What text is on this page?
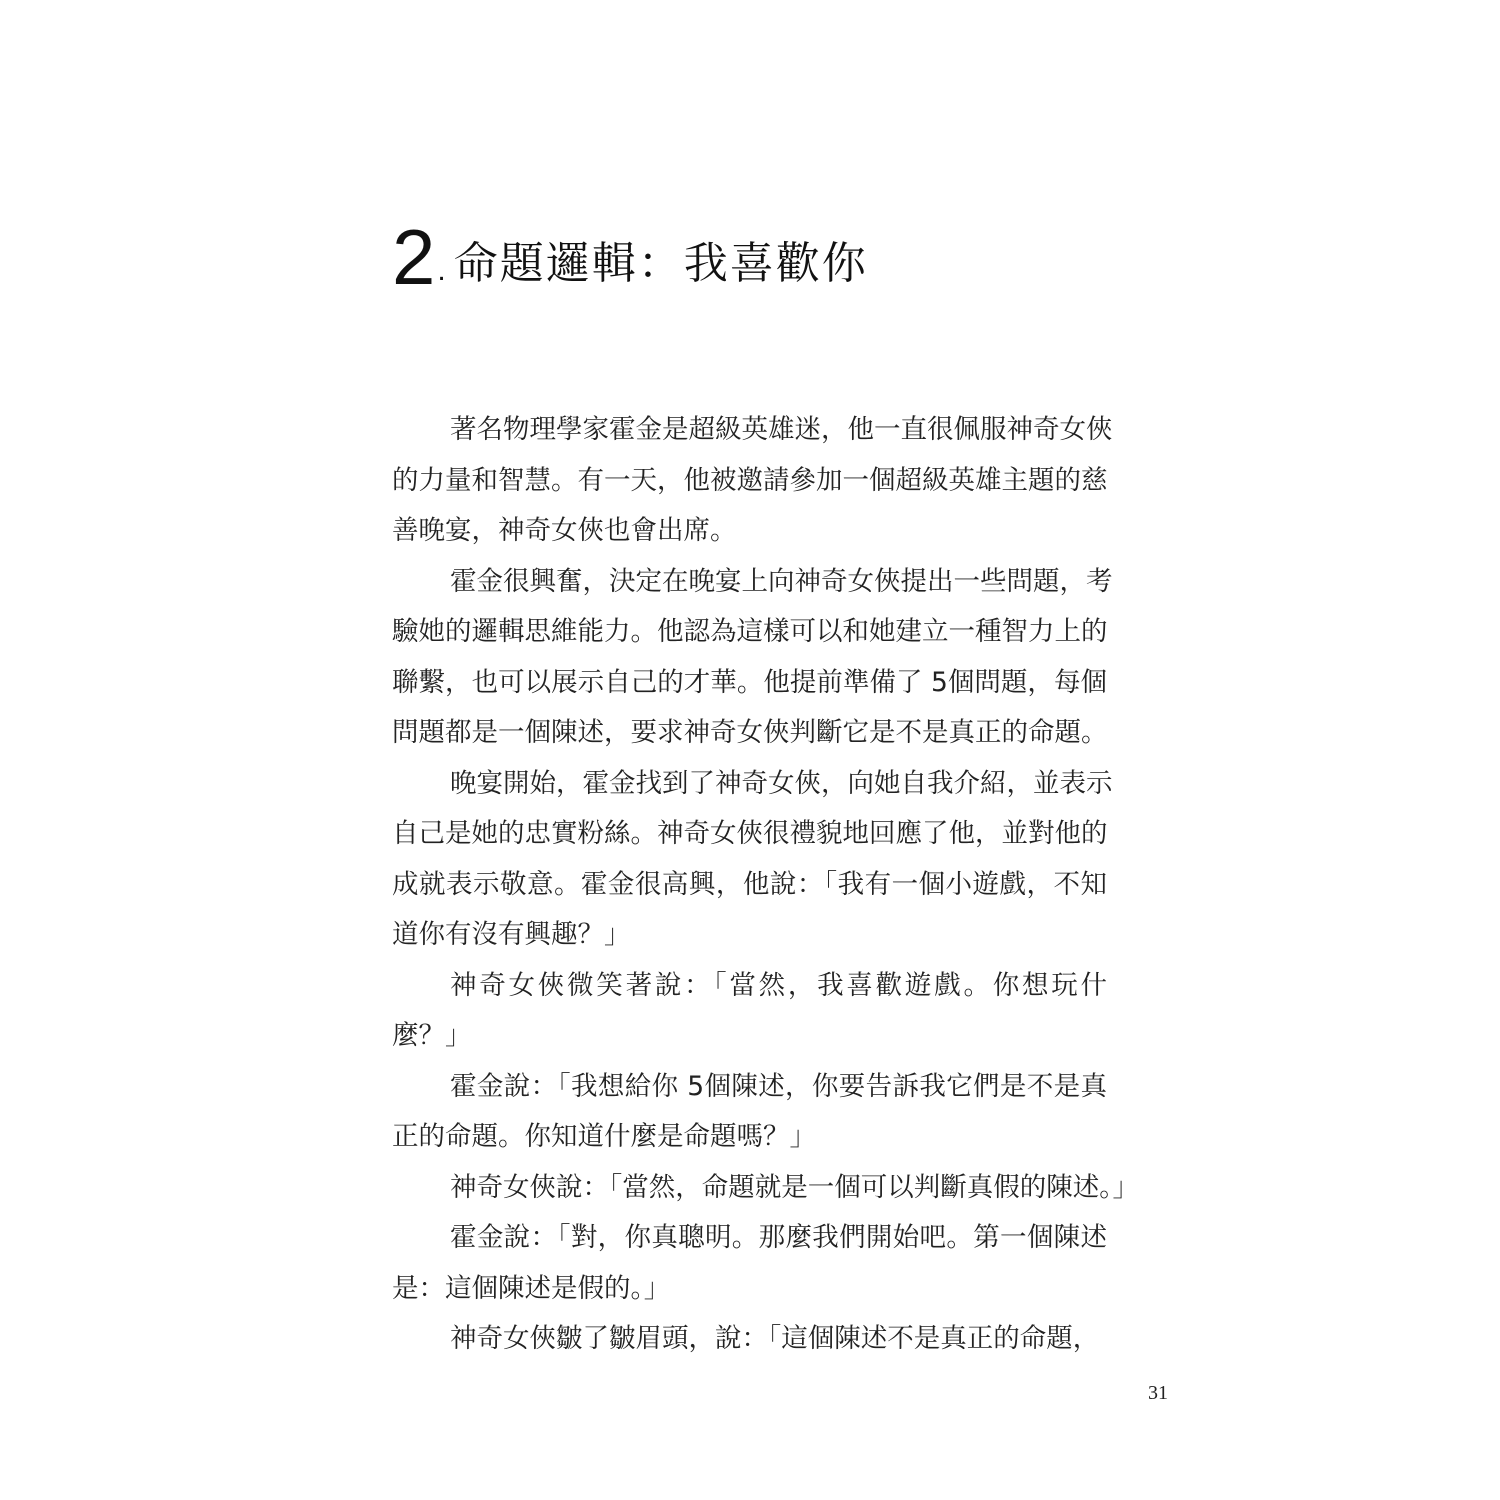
2 . 命題邏輯：我喜歡你
著名物理學家霍金是超級英雄迷，他一直很佩服神奇女俠
的力量和智慧。有一天，他被邀請參加一個超級英雄主題的慈
善晚宴，神奇女俠也會出席。
霍金很興奮，決定在晚宴上向神奇女俠提出一些問題，考
驗她的邏輯思維能力。他認為這樣可以和她建立一種智力上的
聯繫，也可以展示自己的才華。他提前準備了 5個問題，每個
問題都是一個陳述，要求神奇女俠判斷它是不是真正的命題。
晚宴開始，霍金找到了神奇女俠，向她自我介紹，並表示
自己是她的忠實粉絲。神奇女俠很禮貌地回應了他，並對他的
成就表示敬意。霍金很高興，他說：「我有一個小遊戲，不知
道你有沒有興趣？」
神奇女俠微笑著說：「當然，我喜歡遊戲。你想玩什
麼？」
霍金說：「我想給你 5個陳述，你要告訴我它們是不是真
正的命題。你知道什麼是命題嗎？」
神奇女俠說：「當然，命題就是一個可以判斷真假的陳述。」
霍金說：「對，你真聰明。那麼我們開始吧。第一個陳述
是：這個陳述是假的。」
神奇女俠皺了皺眉頭，說：「這個陳述不是真正的命題，
31
